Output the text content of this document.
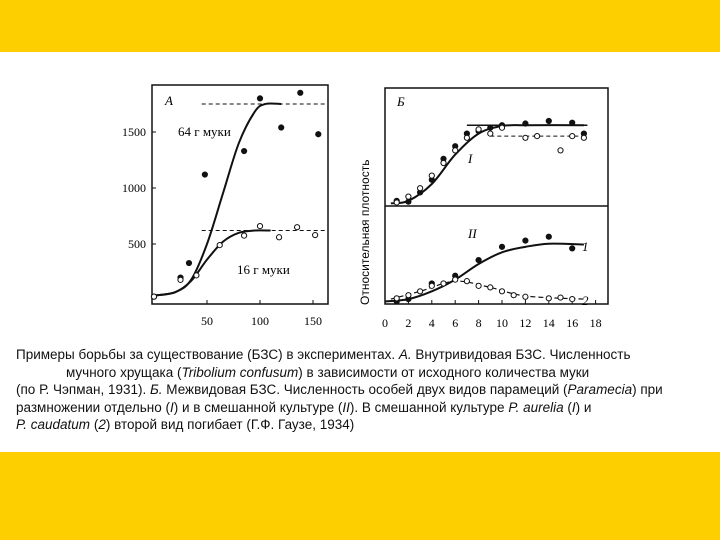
А
50	100	150
500
1000
1500 64 г муки
16 г муки
Б
I
II
Относительная плотность
0 2 4 6 8 10 12 14 16 18
1
2
Примеры борьбы за существование (БЗС) в экспериментах. А. Внутривидовая БЗС. Численность
мучного хрущака (Tribolium confusum) в зависимости от исходного количества муки
(по Р. Чэпман, 1931). Б. Межвидовая БЗС. Численность особей двух видов парамеций (Paramecia) при
размножении отдельно (I) и в смешанной культуре (II). В смешанной культуре P. aurelia (I) и
P. caudatum (2) второй вид погибает (Г.Ф. Гаузе, 1934)
